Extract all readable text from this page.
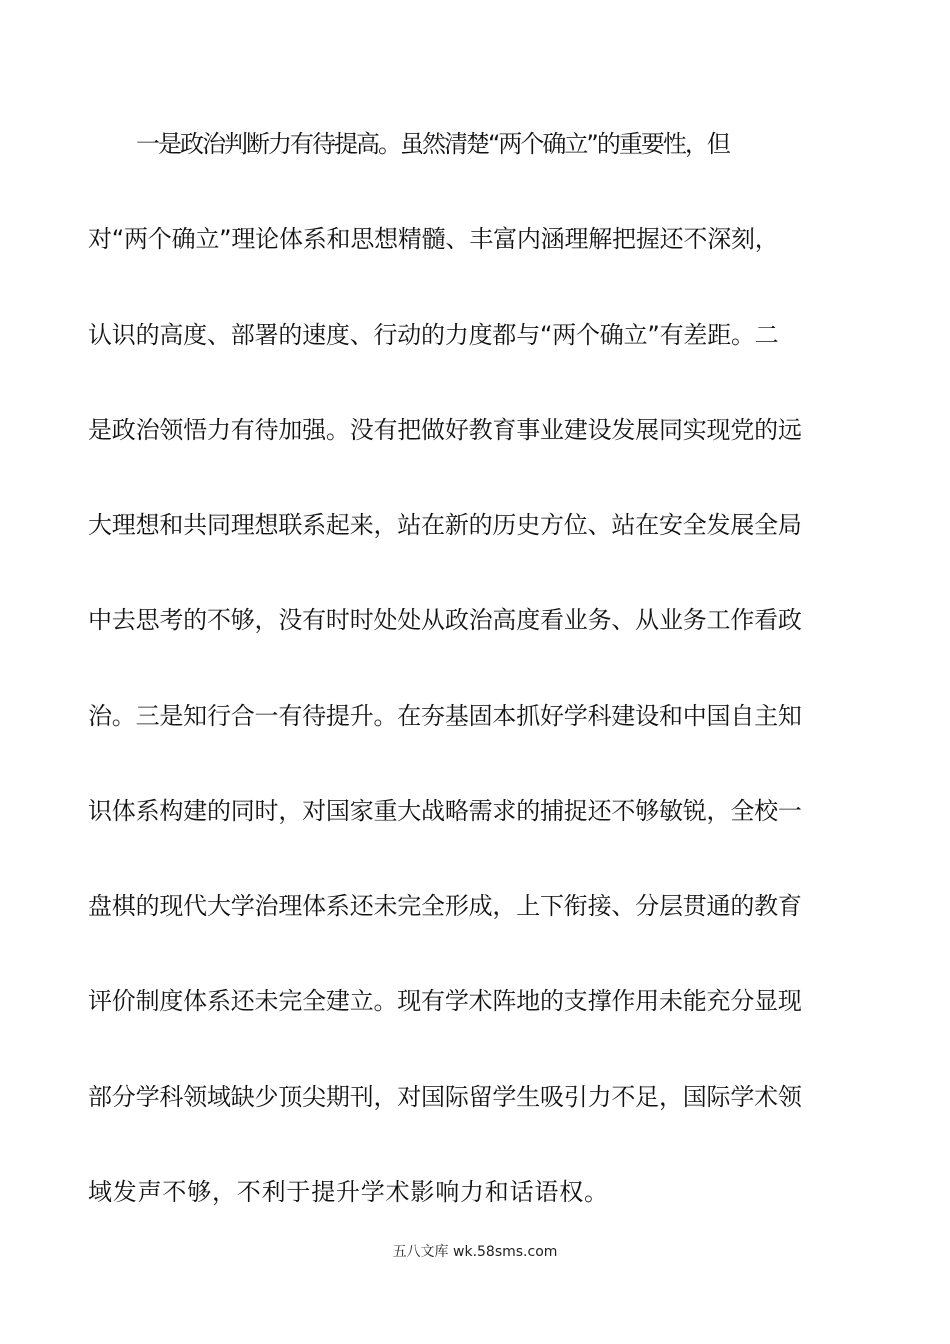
一是政治判断力有待提高。虽然清楚“两个确立”的重要性，但
对“两个确立”理论体系和思想精髓、丰富内涵理解把握还不深刻，
认识的高度、部署的速度、行动的力度都与“两个确立”有差距。二
是政治领悟力有待加强。没有把做好教育事业建设发展同实现党的远
大理想和共同理想联系起来，站在新的历史方位、站在安全发展全局
中去思考的不够，没有时时处处从政治高度看业务、从业务工作看政
治。三是知行合一有待提升。在夯基固本抓好学科建设和中国自主知
识体系构建的同时，对国家重大战略需求的捕捉还不够敏锐，全校一
盘棋的现代大学治理体系还未完全形成，上下衔接、分层贯通的教育
评价制度体系还未完全建立。现有学术阵地的支撑作用未能充分显现
部分学科领域缺少顶尖期刊，对国际留学生吸引力不足，国际学术领
域发声不够，不利于提升学术影响力和话语权。
五八文库 wk.58sms.com
